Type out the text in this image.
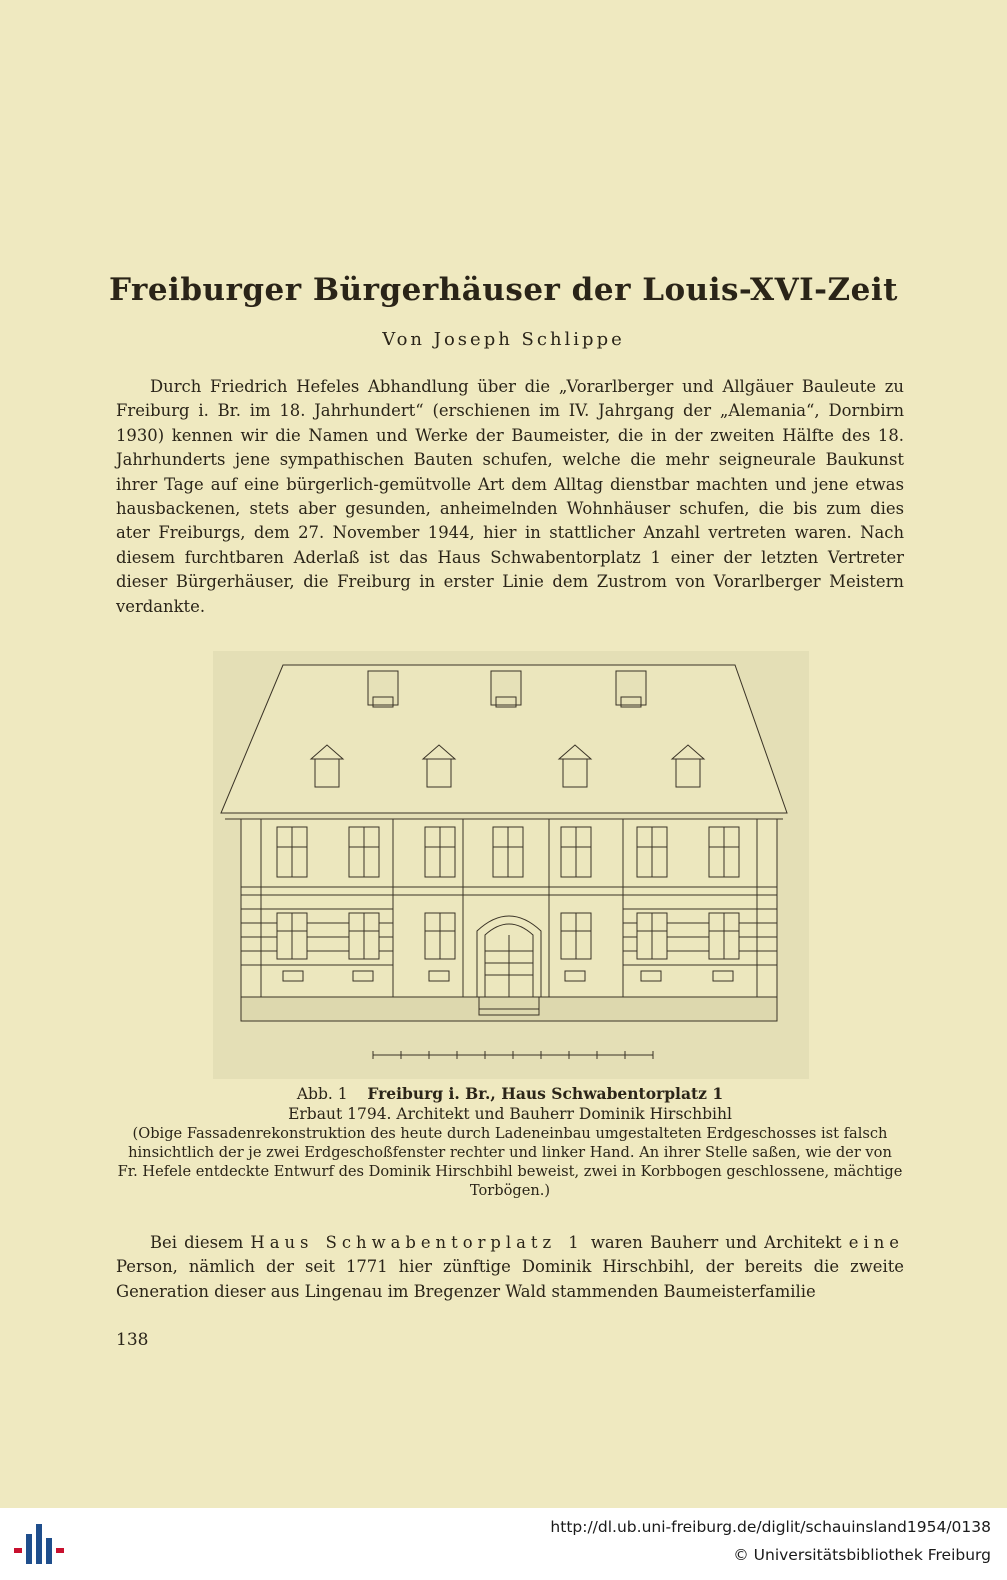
Freiburger Bürgerhäuser der Louis-XVI-Zeit
Von Joseph Schlippe
Durch Friedrich Hefeles Abhandlung über die „Vorarlberger und Allgäuer Bauleute zu Freiburg i. Br. im 18. Jahrhundert“ (erschienen im IV. Jahrgang der „Alemania“, Dornbirn 1930) kennen wir die Namen und Werke der Baumeister, die in der zweiten Hälfte des 18. Jahrhunderts jene sympathischen Bauten schufen, welche die mehr seigneurale Baukunst ihrer Tage auf eine bürgerlich-gemütvolle Art dem Alltag dienstbar machten und jene etwas hausbackenen, stets aber gesunden, anheimelnden Wohnhäuser schufen, die bis zum dies ater Freiburgs, dem 27. November 1944, hier in stattlicher Anzahl vertreten waren. Nach diesem furchtbaren Aderlaß ist das Haus Schwabentorplatz 1 einer der letzten Vertreter dieser Bürgerhäuser, die Freiburg in erster Linie dem Zustrom von Vorarlberger Meistern verdankte.
Abb. 1 Freiburg i. Br., Haus Schwabentorplatz 1
Erbaut 1794. Architekt und Bauherr Dominik Hirschbihl
(Obige Fassadenrekonstruktion des heute durch Ladeneinbau umgestalteten Erdgeschosses ist falsch hinsichtlich der je zwei Erdgeschoßfenster rechter und linker Hand. An ihrer Stelle saßen, wie der von Fr. Hefele entdeckte Entwurf des Dominik Hirschbihl beweist, zwei in Korbbogen geschlossene, mächtige Torbögen.)
Bei diesem Haus Schwabentorplatz 1 waren Bauherr und Architekt eine Person, nämlich der seit 1771 hier zünftige Dominik Hirschbihl, der bereits die zweite Generation dieser aus Lingenau im Bregenzer Wald stammenden Baumeisterfamilie
138
http://dl.ub.uni-freiburg.de/diglit/schauinsland1954/0138
© Universitätsbibliothek Freiburg
